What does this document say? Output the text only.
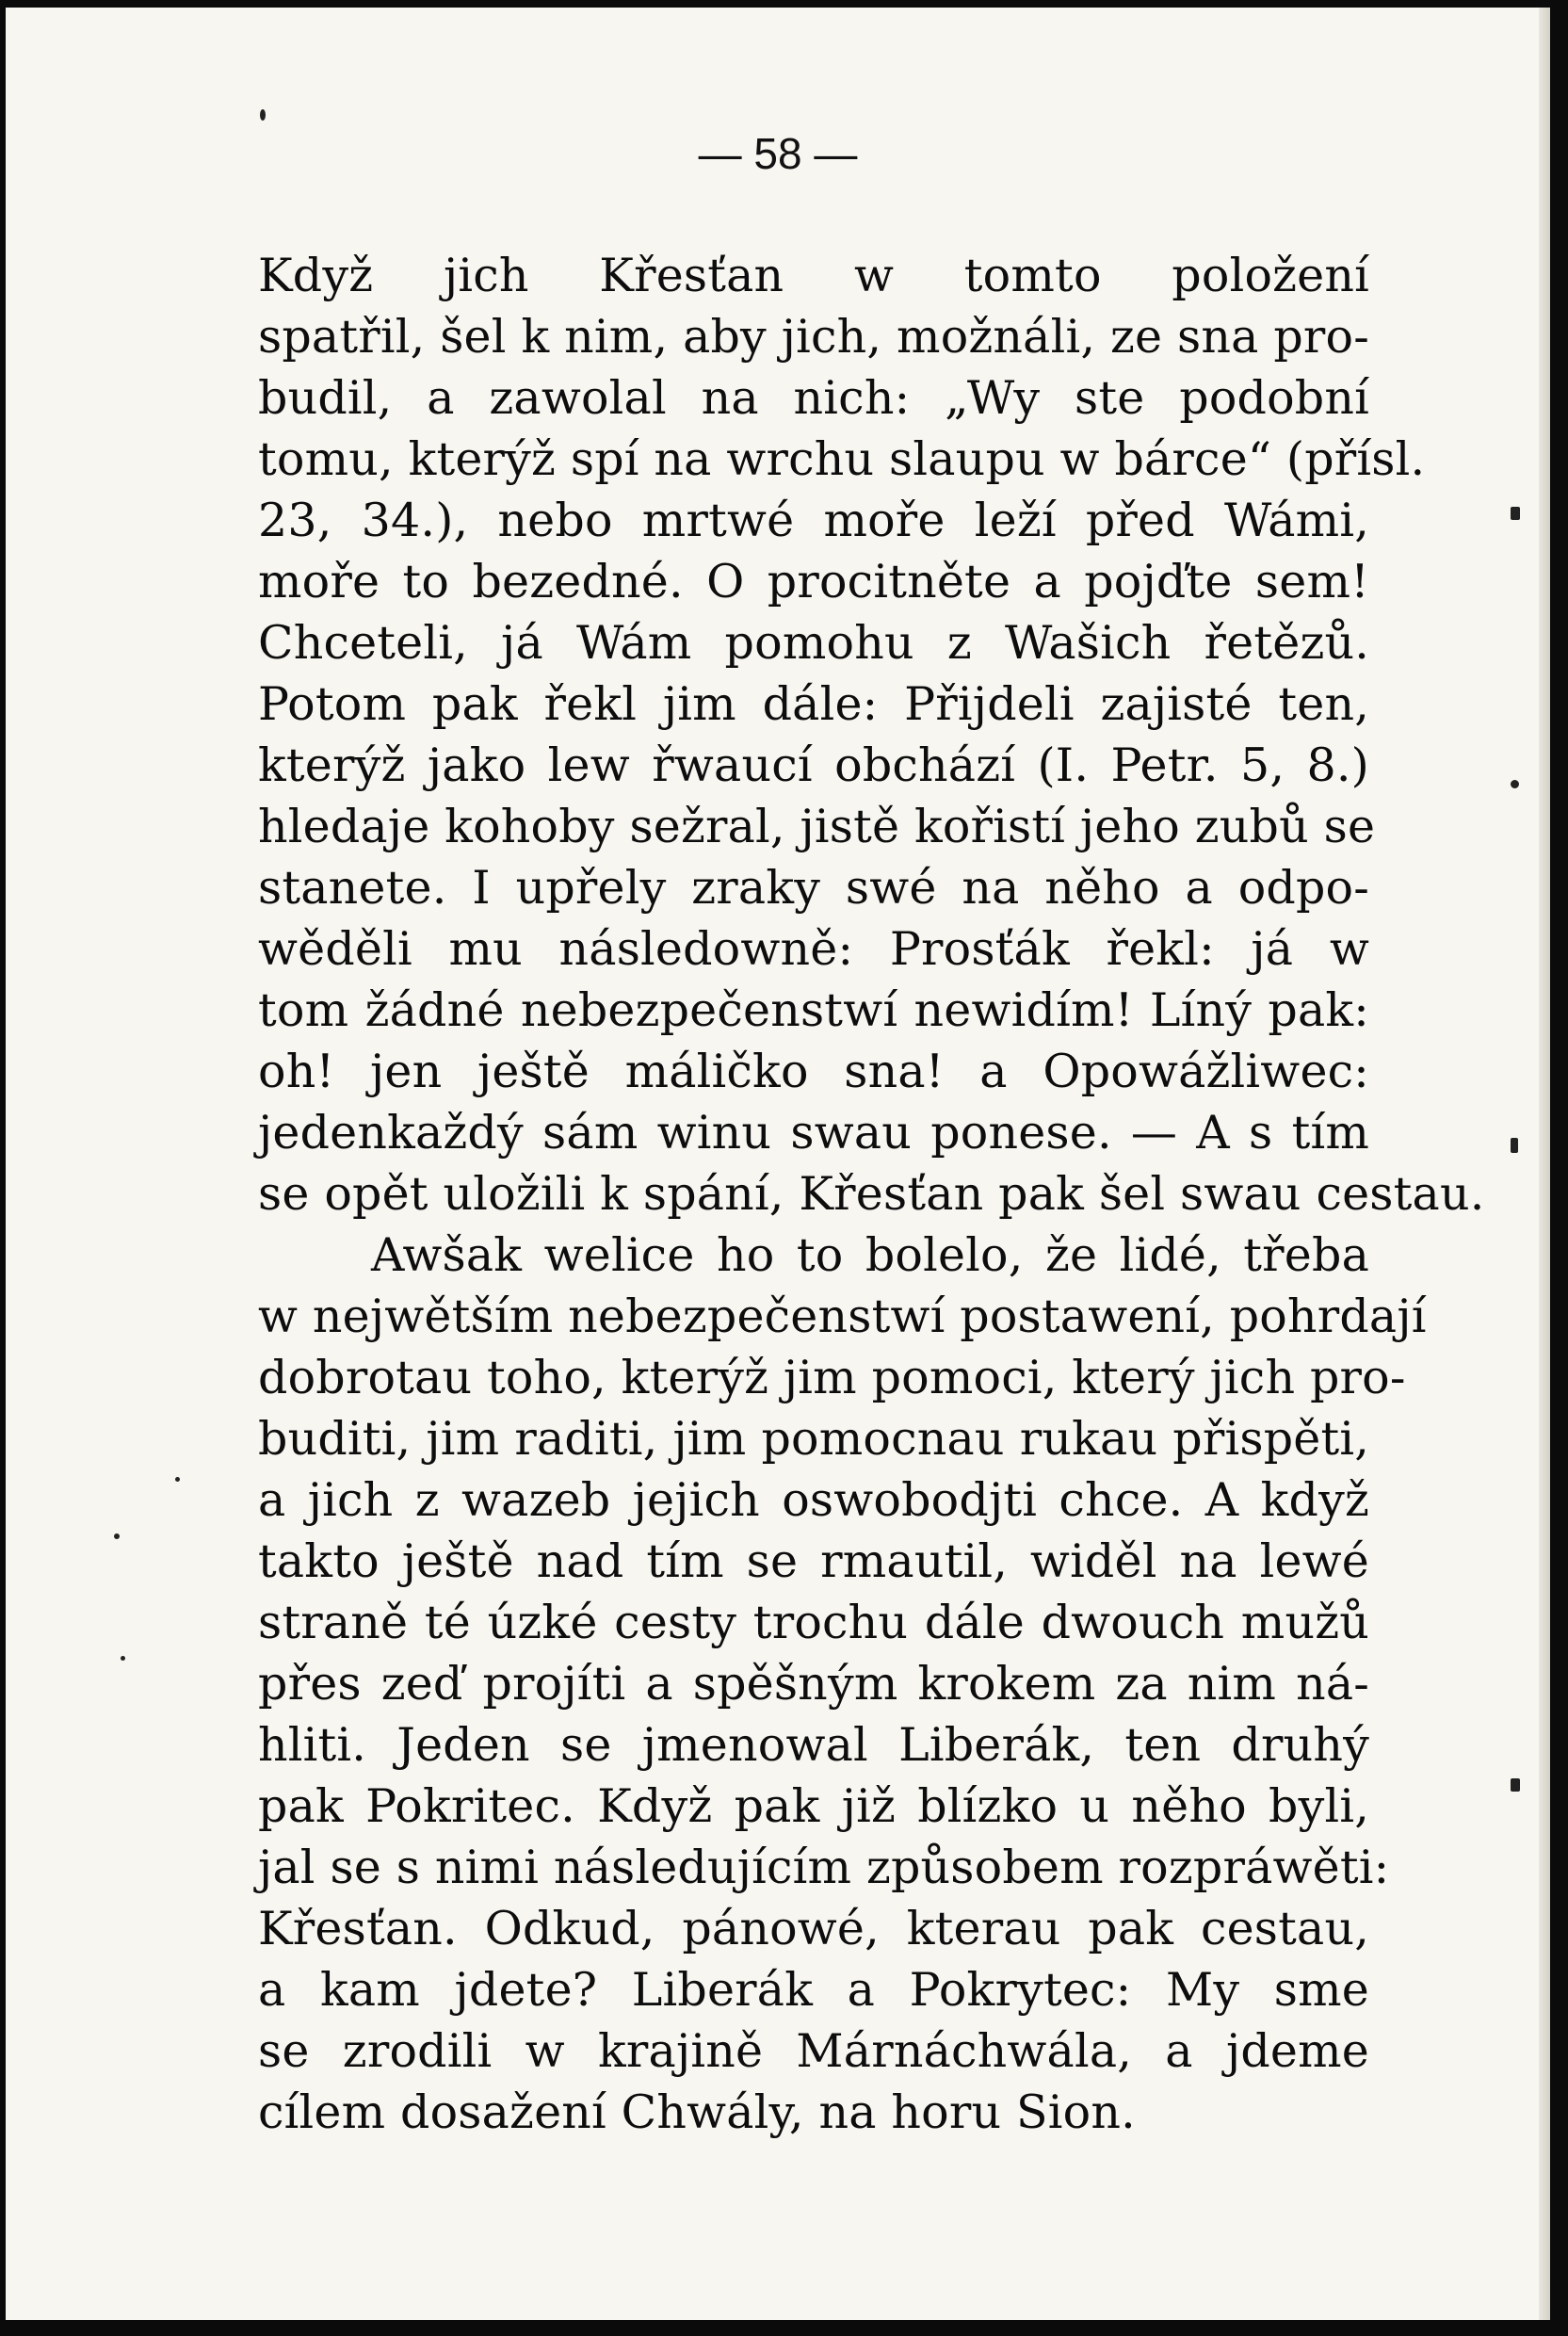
— 58 —
Když jich Křesťan w tomto položení
spatřil, šel k nim, aby jich, možnáli, ze sna pro-
budil, a zawolal na nich: „Wy ste podobní
tomu, kterýž spí na wrchu slaupu w bárce“ (přísl.
23, 34.), nebo mrtwé moře leží před Wámi,
moře to bezedné. O procitněte a pojďte sem!
Chceteli, já Wám pomohu z Wašich řetězů.
Potom pak řekl jim dále: Přijdeli zajisté ten,
kterýž jako lew řwaucí obchází (I. Petr. 5, 8.)
hledaje kohoby sežral, jistě kořistí jeho zubů se
stanete. I upřely zraky swé na něho a odpo-
wěděli mu následowně: Prosťák řekl: já w
tom žádné nebezpečenstwí newidím! Líný pak:
oh! jen ještě máličko sna! a Opowážliwec:
jedenkaždý sám winu swau ponese. — A s tím
se opět uložili k spání, Křesťan pak šel swau cestau.
Awšak welice ho to bolelo, že lidé, třeba
w nejwětším nebezpečenstwí postawení, pohrdají
dobrotau toho, kterýž jim pomoci, který jich pro-
buditi, jim raditi, jim pomocnau rukau přispěti,
a jich z wazeb jejich oswobodjti chce. A když
takto ještě nad tím se rmautil, widěl na lewé
straně té úzké cesty trochu dále dwouch mužů
přes zeď projíti a spěšným krokem za nim ná-
hliti. Jeden se jmenowal Liberák, ten druhý
pak Pokritec. Když pak již blízko u něho byli,
jal se s nimi následujícím způsobem rozpráwěti:
Křesťan. Odkud, pánowé, kterau pak cestau,
a kam jdete? Liberák a Pokrytec: My sme
se zrodili w krajině Márnáchwála, a jdeme
cílem dosažení Chwály, na horu Sion.
